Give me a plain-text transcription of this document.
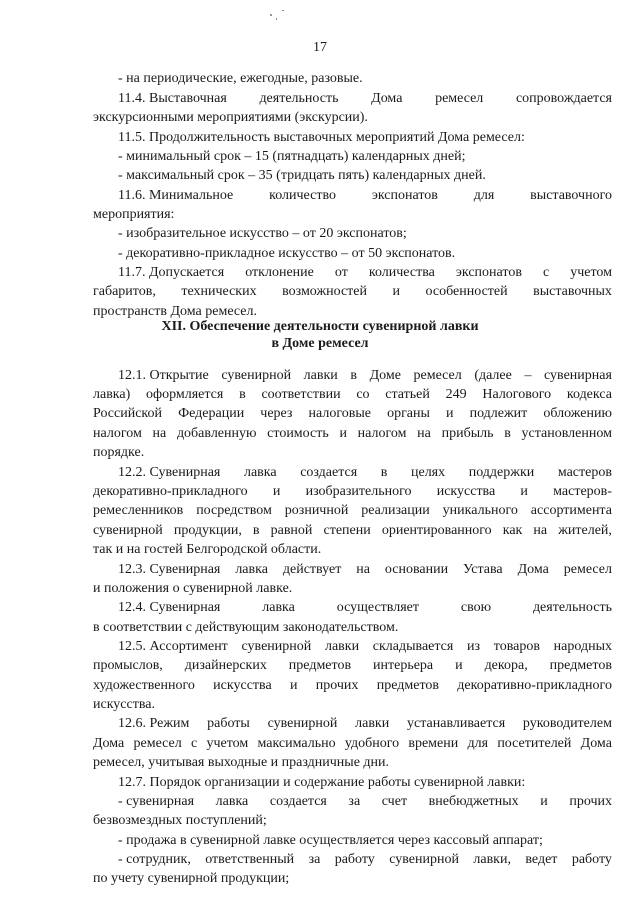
17
- на периодические, ежегодные, разовые.
11.4. Выставочная деятельность Дома ремесел сопровождается
экскурсионными мероприятиями (экскурсии).
11.5. Продолжительность выставочных мероприятий Дома ремесел:
- минимальный срок – 15 (пятнадцать) календарных дней;
- максимальный срок – 35 (тридцать пять) календарных дней.
11.6. Минимальное	количество	экспонатов	для	выставочного
мероприятия:
- изобразительное искусство – от 20 экспонатов;
- декоративно-прикладное искусство – от 50 экспонатов.
11.7. Допускается отклонение от количества экспонатов с учетом
габаритов, технических возможностей и особенностей выставочных
пространств Дома ремесел.
XII. Обеспечение деятельности сувенирной лавки
в Доме ремесел
12.1. Открытие сувенирной лавки в Доме ремесел (далее – сувенирная
лавка) оформляется в соответствии со статьей 249 Налогового кодекса
Российской Федерации через налоговые органы и подлежит обложению
налогом на добавленную стоимость и налогом на прибыль в установленном
порядке.
12.2. Сувенирная лавка создается в целях поддержки мастеров
декоративно-прикладного и изобразительного искусства и мастеров-
ремесленников посредством розничной реализации уникального ассортимента
сувенирной продукции, в равной степени ориентированного как на жителей,
так и на гостей Белгородской области.
12.3. Сувенирная лавка действует на основании Устава Дома ремесел
и положения о сувенирной лавке.
12.4. Сувенирная	лавка	осуществляет	свою	деятельность
в соответствии с действующим законодательством.
12.5. Ассортимент сувенирной лавки складывается из товаров народных
промыслов, дизайнерских предметов интерьера и декора, предметов
художественного искусства и прочих предметов декоративно-прикладного
искусства.
12.6. Режим работы сувенирной лавки устанавливается руководителем
Дома ремесел с учетом максимально удобного времени для посетителей Дома
ремесел, учитывая выходные и праздничные дни.
12.7. Порядок организации и содержание работы сувенирной лавки:
- сувенирная лавка создается за счет внебюджетных и прочих
безвозмездных поступлений;
- продажа в сувенирной лавке осуществляется через кассовый аппарат;
- сотрудник, ответственный за работу сувенирной лавки, ведет работу
по учету сувенирной продукции;
